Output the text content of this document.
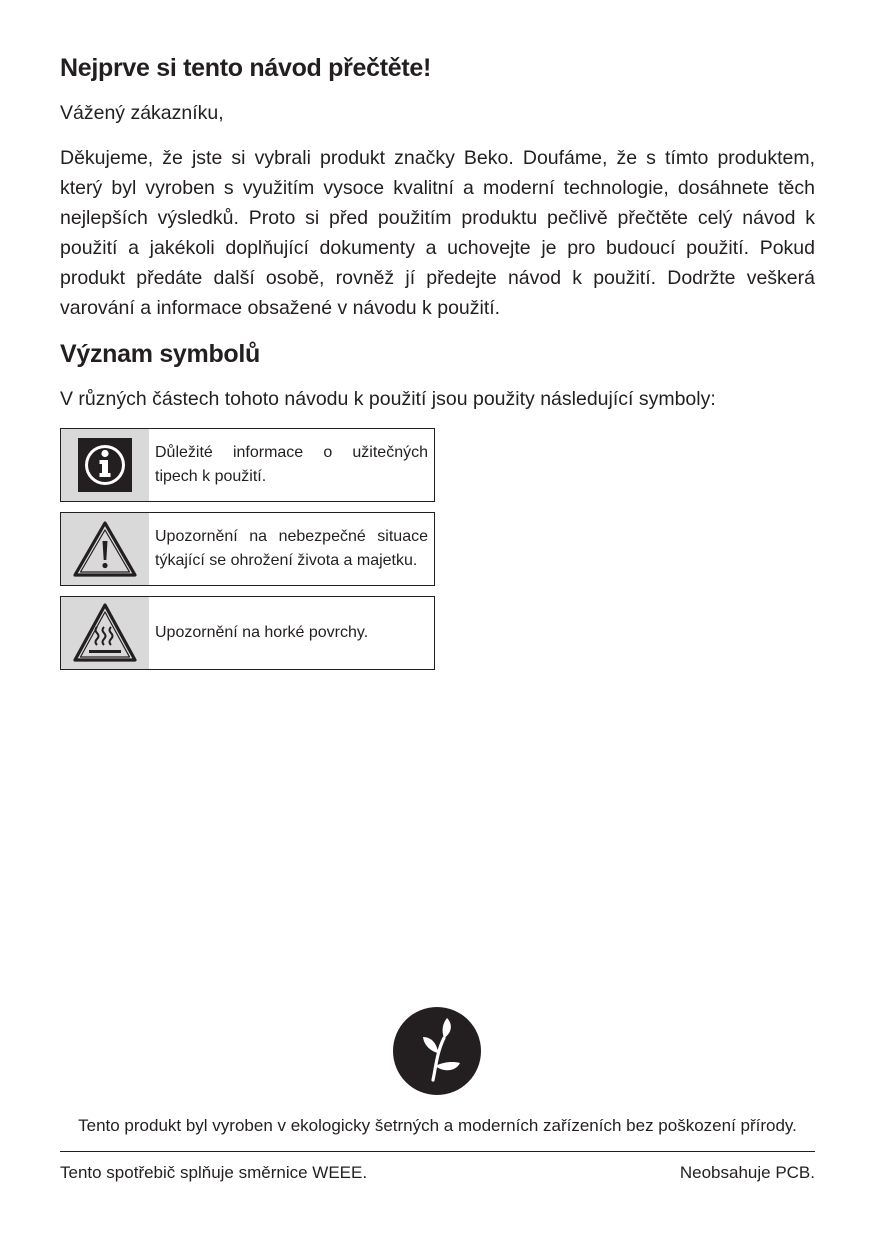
Nejprve si tento návod přečtěte!
Vážený zákazníku,

Děkujeme, že jste si vybrali produkt značky Beko. Doufáme, že s tímto produktem, který byl vyroben s využitím vysoce kvalitní a moderní technologie, dosáhnete těch nejlepších výsledků. Proto si před použitím produktu pečlivě přečtěte celý návod k použití a jakékoli doplňující dokumenty a uchovejte je pro budoucí použití. Pokud produkt předáte další osobě, rovněž jí předejte návod k použití. Dodržte veškerá varování a informace obsažené v návodu k použití.

Význam symbolů
V různých částech tohoto návodu k použití jsou použity následující symboly:
Důležité informace o užitečných tipech k použití.
Upozornění na nebezpečné situace týkající se ohrožení života a majetku.
Upozornění na horké povrchy.
Tento produkt byl vyroben v ekologicky šetrných a moderních zařízeních bez poškození přírody.
Tento spotřebič splňuje směrnice WEEE.	Neobsahuje PCB.
